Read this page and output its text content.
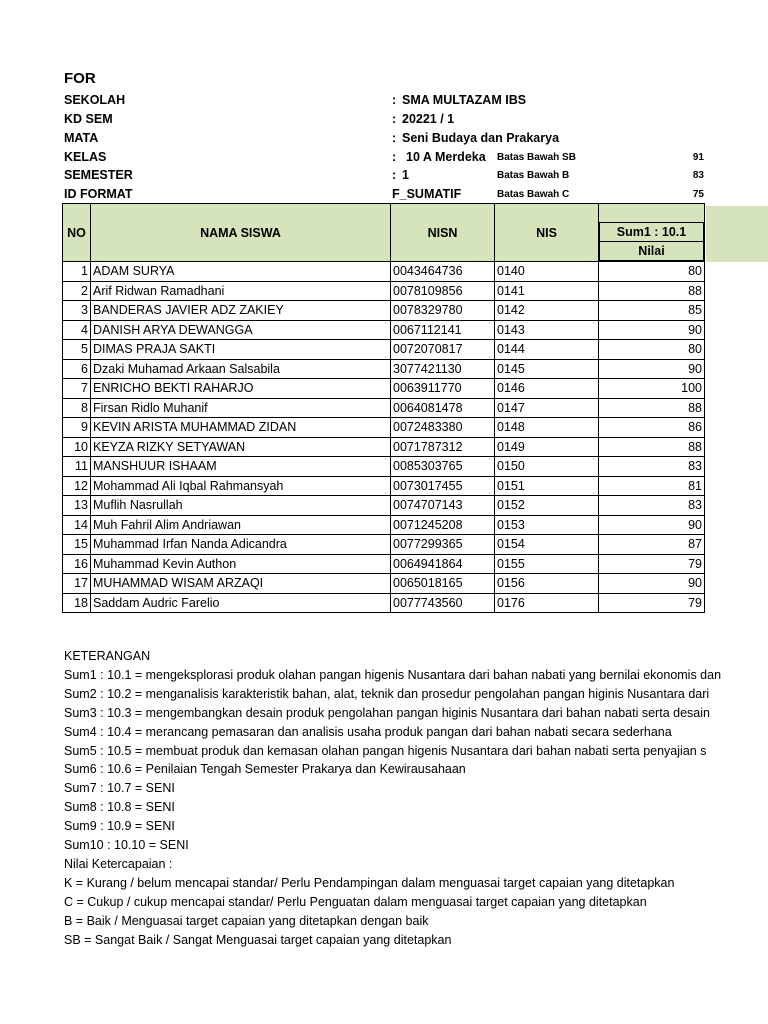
FOR
SEKOLAH	: SMA MULTAZAM IBS
KD SEM	: 20221 / 1
MATA	: Seni Budaya dan Prakarya
KELAS	: 10 A Merdeka Batas Bawah SB	91
SEMESTER	: 1	Batas Bawah B	83
ID FORMAT	F_SUMATIF	Batas Bawah C	75
NO	NAMA SISWA	NISN	NIS	Sum1 : 10.1
Nilai

1	ADAM SURYA	0043464736	0140	80
2	Arif Ridwan Ramadhani	0078109856	0141	88
3	BANDERAS JAVIER ADZ ZAKIEY	0078329780	0142	85
4	DANISH ARYA DEWANGGA	0067112141	0143	90
5	DIMAS PRAJA SAKTI	0072070817	0144	80
6	Dzaki Muhamad Arkaan Salsabila	3077421130	0145	90
7	ENRICHO BEKTI RAHARJO	0063911770	0146	100
8	Firsan Ridlo Muhanif	0064081478	0147	88
9	KEVIN ARISTA MUHAMMAD ZIDAN	0072483380	0148	86
10	KEYZA RIZKY SETYAWAN	0071787312	0149	88
11	MANSHUUR ISHAAM	0085303765	0150	83
12	Mohammad Ali Iqbal Rahmansyah	0073017455	0151	81
13	Muflih Nasrullah	0074707143	0152	83
14	Muh Fahril Alim Andriawan	0071245208	0153	90
15	Muhammad Irfan Nanda Adicandra	0077299365	0154	87
16	Muhammad Kevin Authon	0064941864	0155	79
17	MUHAMMAD WISAM ARZAQI	0065018165	0156	90
18	Saddam Audric Farelio	0077743560	0176	79
KETERANGAN
Sum1 : 10.1 = mengeksplorasi produk olahan pangan higenis Nusantara dari bahan nabati yang bernilai ekonomis dan
Sum2 : 10.2 = menganalisis karakteristik bahan, alat, teknik dan prosedur pengolahan pangan higinis Nusantara dari
Sum3 : 10.3 = mengembangkan desain produk pengolahan pangan higinis Nusantara dari bahan nabati serta desain
Sum4 : 10.4 = merancang pemasaran dan analisis usaha produk pangan dari bahan nabati secara sederhana
Sum5 : 10.5 = membuat produk dan kemasan olahan pangan higenis Nusantara dari bahan nabati serta penyajian s
Sum6 : 10.6 = Penilaian Tengah Semester Prakarya dan Kewirausahaan
Sum7 : 10.7 = SENI
Sum8 : 10.8 = SENI
Sum9 : 10.9 = SENI
Sum10 : 10.10 = SENI
Nilai Ketercapaian :
K = Kurang / belum mencapai standar/ Perlu Pendampingan dalam menguasai target capaian yang ditetapkan
C = Cukup / cukup mencapai standar/ Perlu Penguatan dalam menguasai target capaian yang ditetapkan
B = Baik / Menguasai target capaian yang ditetapkan dengan baik
SB = Sangat Baik / Sangat Menguasai target capaian yang ditetapkan
